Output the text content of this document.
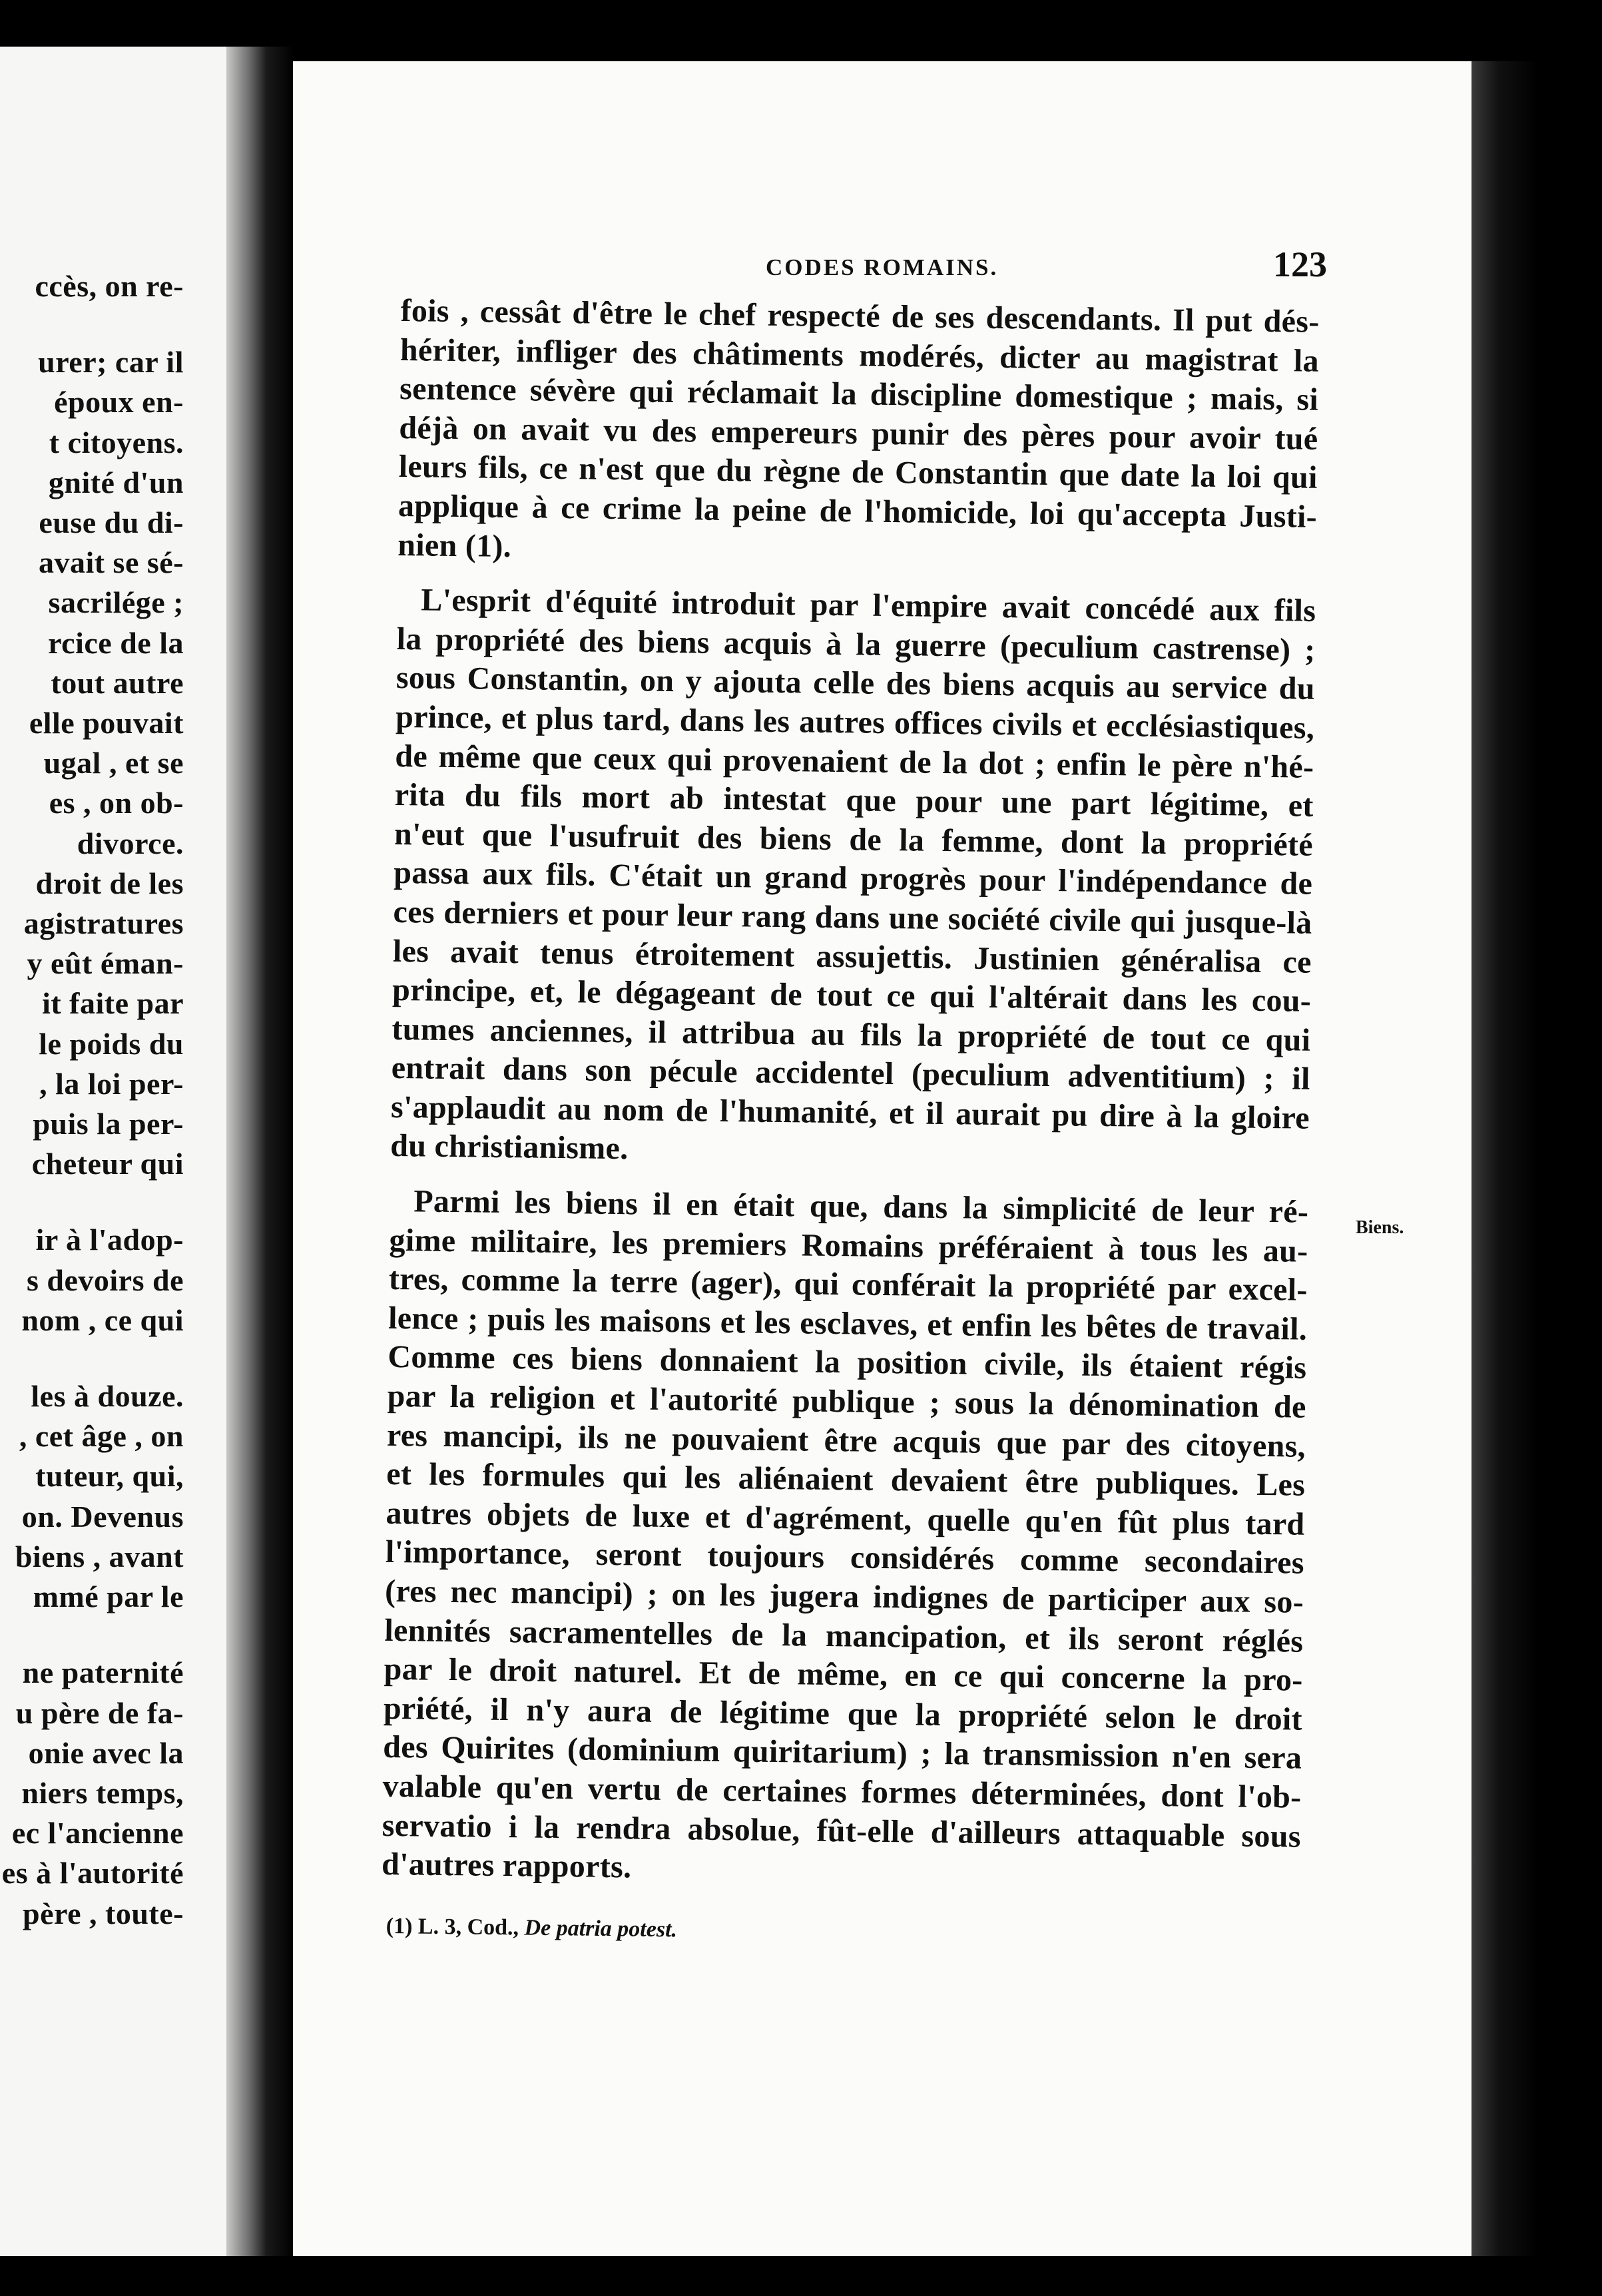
ccès, on re-
urer; car il
époux en-
t citoyens.
gnité d'un
euse du di-
avait se sé-
sacrilége ;
rcice de la
tout autre
elle pouvait
ugal , et se
es , on ob-
divorce.
droit de les
agistratures
y eût éman-
it faite par
le poids du
, la loi per-
puis la per-
cheteur qui
ir à l'adop-
s devoirs de
nom , ce qui
les à douze.
, cet âge , on
tuteur, qui,
on. Devenus
biens , avant
mmé par le
ne paternité
u père de fa-
onie avec la
niers temps,
ec l'ancienne
es à l'autorité
père , toute-
CODES ROMAINS.	123
fois , cessât d'être le chef respecté de ses descendants. Il put dés-
hériter, infliger des châtiments modérés, dicter au magistrat la
sentence sévère qui réclamait la discipline domestique ; mais, si
déjà on avait vu des empereurs punir des pères pour avoir tué
leurs fils, ce n'est que du règne de Constantin que date la loi qui
applique à ce crime la peine de l'homicide, loi qu'accepta Justi-
nien (1).
L'esprit d'équité introduit par l'empire avait concédé aux fils
la propriété des biens acquis à la guerre (peculium castrense) ;
sous Constantin, on y ajouta celle des biens acquis au service du
prince, et plus tard, dans les autres offices civils et ecclésiastiques,
de même que ceux qui provenaient de la dot ; enfin le père n'hé-
rita du fils mort ab intestat que pour une part légitime, et
n'eut que l'usufruit des biens de la femme, dont la propriété
passa aux fils. C'était un grand progrès pour l'indépendance de
ces derniers et pour leur rang dans une société civile qui jusque-là
les avait tenus étroitement assujettis. Justinien généralisa ce
principe, et, le dégageant de tout ce qui l'altérait dans les cou-
tumes anciennes, il attribua au fils la propriété de tout ce qui
entrait dans son pécule accidentel (peculium adventitium) ; il
s'applaudit au nom de l'humanité, et il aurait pu dire à la gloire
du christianisme.
Parmi les biens il en était que, dans la simplicité de leur ré-
gime militaire, les premiers Romains préféraient à tous les au-
tres, comme la terre (ager), qui conférait la propriété par excel-
lence ; puis les maisons et les esclaves, et enfin les bêtes de travail.
Comme ces biens donnaient la position civile, ils étaient régis
par la religion et l'autorité publique ; sous la dénomination de
res mancipi, ils ne pouvaient être acquis que par des citoyens,
et les formules qui les aliénaient devaient être publiques. Les
autres objets de luxe et d'agrément, quelle qu'en fût plus tard
l'importance, seront toujours considérés comme secondaires
(res nec mancipi) ; on les jugera indignes de participer aux so-
lennités sacramentelles de la mancipation, et ils seront réglés
par le droit naturel. Et de même, en ce qui concerne la pro-
priété, il n'y aura de légitime que la propriété selon le droit
des Quirites (dominium quiritarium) ; la transmission n'en sera
valable qu'en vertu de certaines formes déterminées, dont l'ob-
servatio i la rendra absolue, fût-elle d'ailleurs attaquable sous
d'autres rapports.
Biens.
(1) L. 3, Cod., De patria potest.
